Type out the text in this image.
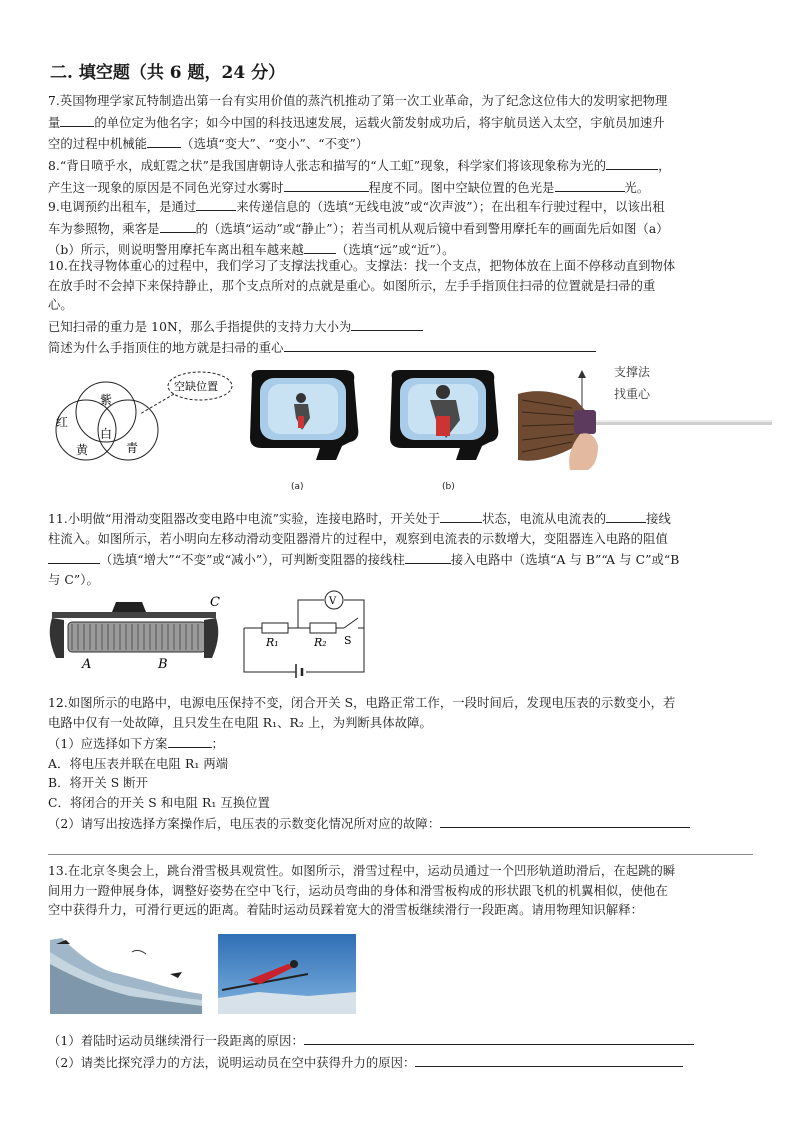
二. 填空题（共 6 题，24 分）

7.英国物理学家瓦特制造出第一台有实用价值的蒸汽机推动了第一次工业革命，为了纪念这位伟大的发明家把物理

量	的单位定为他名字；如今中国的科技迅速发展，运载火箭发射成功后，将宇航员送入太空，宇航员加速升

空的过程中机械能	（选填“变大”、“变小”、“不变”）

8.“背日喷乎水，成虹霓之状”是我国唐朝诗人张志和描写的“人工虹”现象，科学家们将该现象称为光的	，

产生这一现象的原因是不同色光穿过水雾时	程度不同。图中空缺位置的色光是	光。

9.电调预约出租车，是通过	来传递信息的（选填“无线电波”或“次声波”）；在出租车行驶过程中，以该出租

车为参照物，乘客是	的（选填“运动”或“静止”）；若当司机从观后镜中看到警用摩托车的画面先后如图（a）

（b）所示，则说明警用摩托车离出租车越来越	（选填“远”或“近”）。

10.在找寻物体重心的过程中，我们学习了支撑法找重心。支撑法：找一个支点，把物体放在上面不停移动直到物体

在放手时不会掉下来保持静止，那个支点所对的点就是重心。如图所示，左手手指顶住扫帚的位置就是扫帚的重

心。

已知扫帚的重力是 10N，那么手指提供的支持力大小为

简述为什么手指顶住的地方就是扫帚的重心

红
紫
白
黄	青
空缺位置
(a)	(b)
支撑法
找重心

11.小明做“用滑动变阻器改变电路中电流”实验，连接电路时，开关处于	状态，电流从电流表的	接线

柱流入。如图所示，若小明向左移动滑动变阻器滑片的过程中，观察到电流表的示数增大，变阻器连入电路的阻值

（选填“增大”“不变”或“减小”），可判断变阻器的接线柱	接入电路中（选填“A 与 B”“A 与 C”或“B

与 C”）。

A	B
C	V
R₁	R₂ S

12.如图所示的电路中，电源电压保持不变，闭合开关 S，电路正常工作，一段时间后，发现电压表的示数变小，若

电路中仅有一处故障，且只发生在电阻 R₁、R₂ 上，为判断具体故障。

（1）应选择如下方案	；

A．将电压表并联在电阻 R₁ 两端

B．将开关 S 断开

C．将闭合的开关 S 和电阻 R₁ 互换位置

（2）请写出按选择方案操作后，电压表的示数变化情况所对应的故障：

13.在北京冬奥会上，跳台滑雪极具观赏性。如图所示，滑雪过程中，运动员通过一个凹形轨道助滑后，在起跳的瞬

间用力一蹬伸展身体，调整好姿势在空中飞行，运动员弯曲的身体和滑雪板构成的形状跟飞机的机翼相似，使他在

空中获得升力，可滑行更远的距离。着陆时运动员踩着宽大的滑雪板继续滑行一段距离。请用物理知识解释：

（1）着陆时运动员继续滑行一段距离的原因：

（2）请类比探究浮力的方法，说明运动员在空中获得升力的原因：
